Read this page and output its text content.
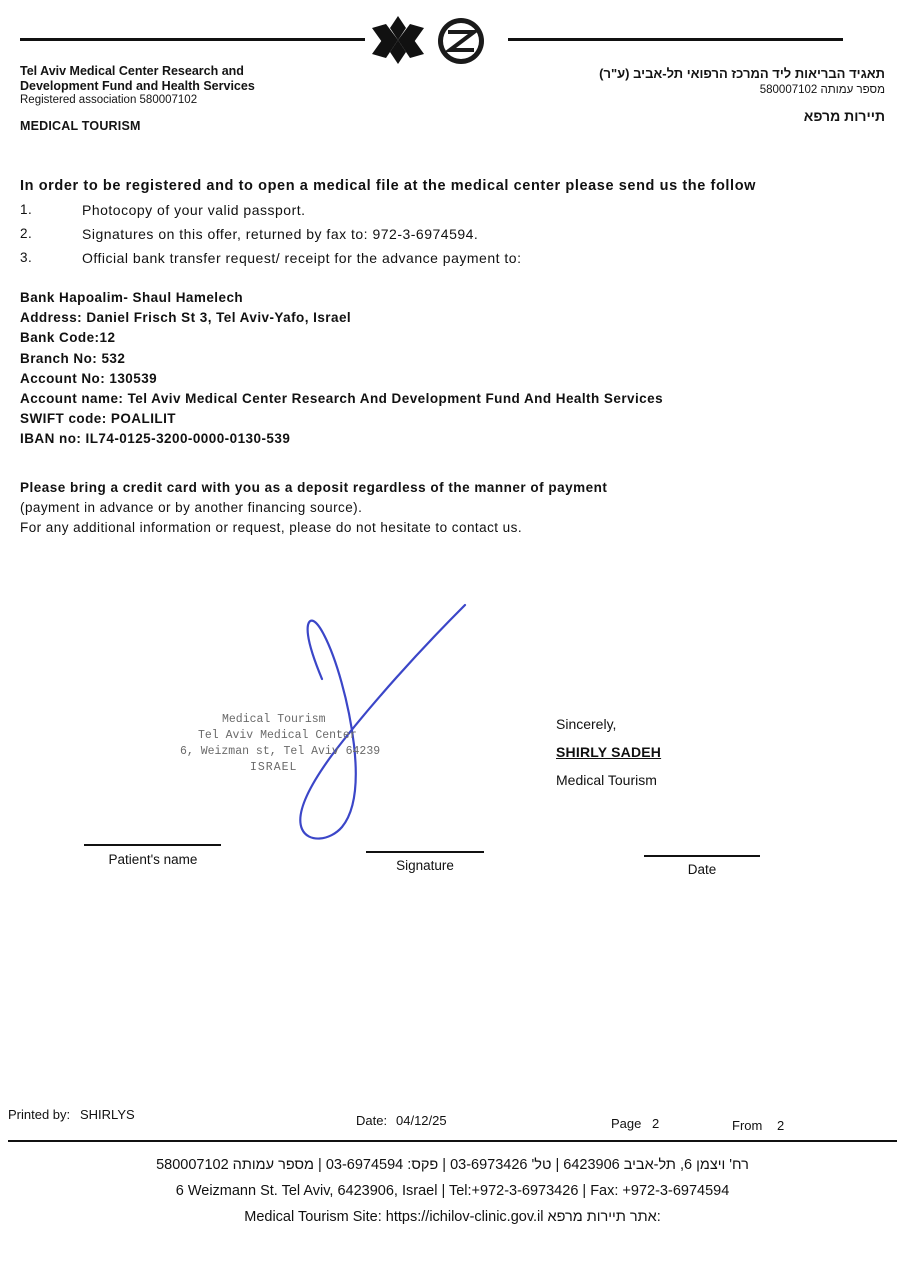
Tel Aviv Medical Center Research and
Development Fund and Health Services
Registered association 580007102
MEDICAL TOURISM
תאגיד הבריאות ליד המרכז הרפואי תל-אביב (ע"ר)
מספר עמותה 580007102
תיירות מרפא
In order to be registered and to open a medical file at the medical center please send us the follow
1.	Photocopy of your valid passport.
2.	Signatures on this offer, returned by fax to: 972-3-6974594.
3.	Official bank transfer request/ receipt for the advance payment to:
Bank Hapoalim- Shaul Hamelech
Address: Daniel Frisch St 3, Tel Aviv-Yafo, Israel
Bank Code:12
Branch No: 532
Account No: 130539
Account name: Tel Aviv Medical Center Research And Development Fund And Health Services
SWIFT code: POALILIT
IBAN no: IL74-0125-3200-0000-0130-539
Please bring a credit card with you as a deposit regardless of the manner of payment
(payment in advance or by another financing source).
For any additional information or request, please do not hesitate to contact us.
Medical Tourism
Tel Aviv Medical Center
6, Weizman st, Tel Aviv 64239
ISRAEL
Sincerely,
SHIRLY SADEH
Medical Tourism
Patient's name	Signature	Date
Printed by: SHIRLYS	Date: 04/12/25	Page 2	From 2
רח' ויצמן 6, תל-אביב 6423906 | טל' 03-6973426 | פקס: 03-6974594 | מספר עמותה 580007102
6 Weizmann St. Tel Aviv, 6423906, Israel | Tel:+972-3-6973426 | Fax: +972-3-6974594
Medical Tourism Site: https://ichilov-clinic.gov.il אתר תיירות מרפא:
